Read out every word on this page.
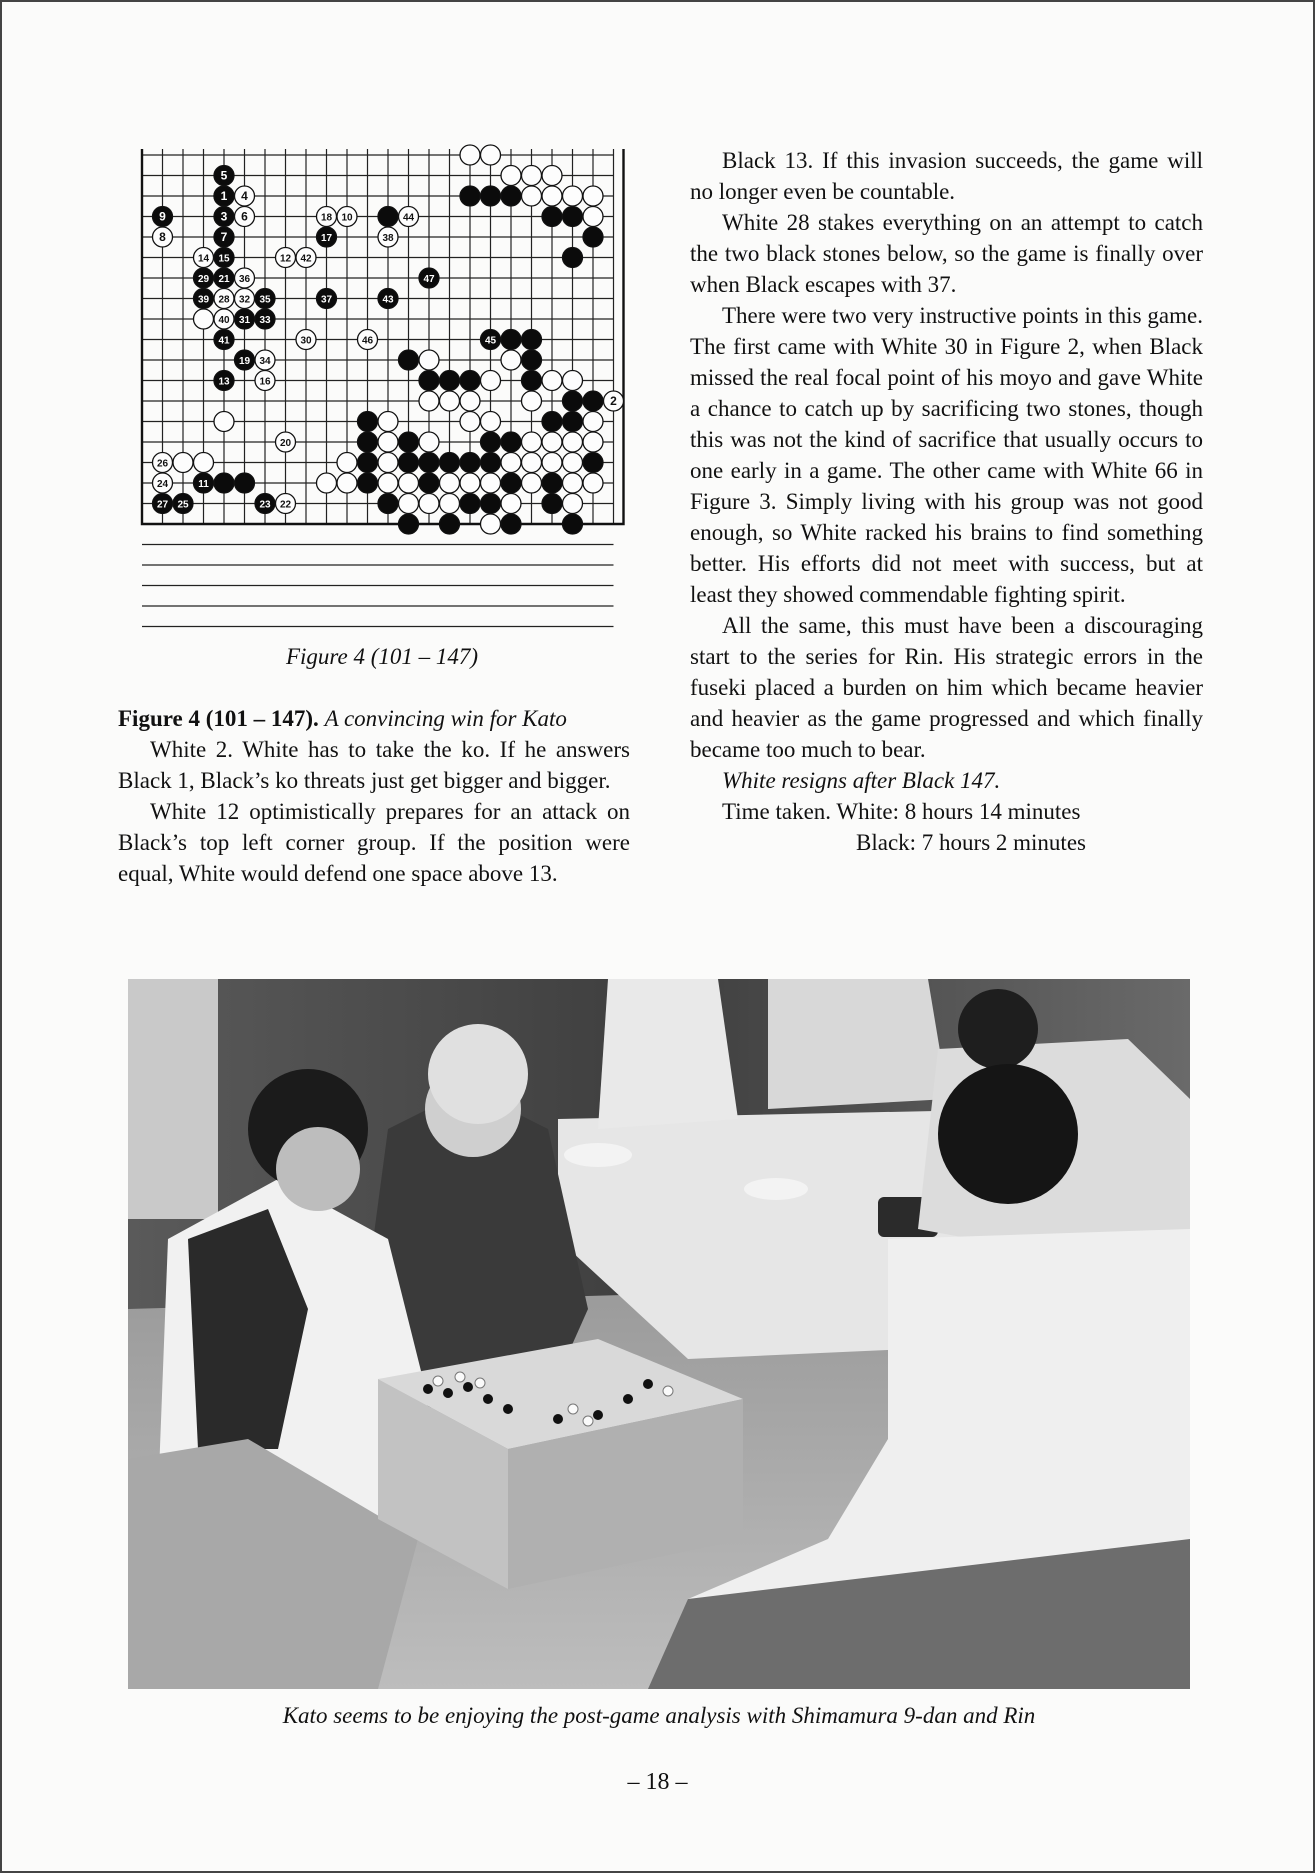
4
6	18 10	44
8	38
14	12 42
36
28 32
40
30	46
34
16
2
20
26
24
22
5
1
9	3
7
15
29 21
39	35
31 33
41
19
13
11
27 25	23
17
37	43
47
45
Figure 4 (101 – 147)

Figure 4 (101 – 147). A convincing win for Kato

White 2. White has to take the ko. If he answers Black 1, Black’s ko threats just get bigger and bigger.

White 12 optimistically prepares for an attack on Black’s top left corner group. If the position were equal, White would defend one space above 13.

Black 13. If this invasion succeeds, the game will no longer even be countable.

White 28 stakes everything on an attempt to catch the two black stones below, so the game is finally over when Black escapes with 37.

There were two very instructive points in this game. The first came with White 30 in Figure 2, when Black missed the real focal point of his moyo and gave White a chance to catch up by sacrificing two stones, though this was not the kind of sacrifice that usually occurs to one early in a game. The other came with White 66 in Figure 3. Simply living with his group was not good enough, so White racked his brains to find something better. His efforts did not meet with success, but at least they showed commendable fighting spirit.

All the same, this must have been a discouraging start to the series for Rin. His strategic errors in the fuseki placed a burden on him which became heavier and heavier as the game progressed and which finally became too much to bear.

White resigns after Black 147.

Time taken. White: 8 hours 14 minutes

Black: 7 hours 2 minutes

Kato seems to be enjoying the post-game analysis with Shimamura 9-dan and Rin
– 18 –
